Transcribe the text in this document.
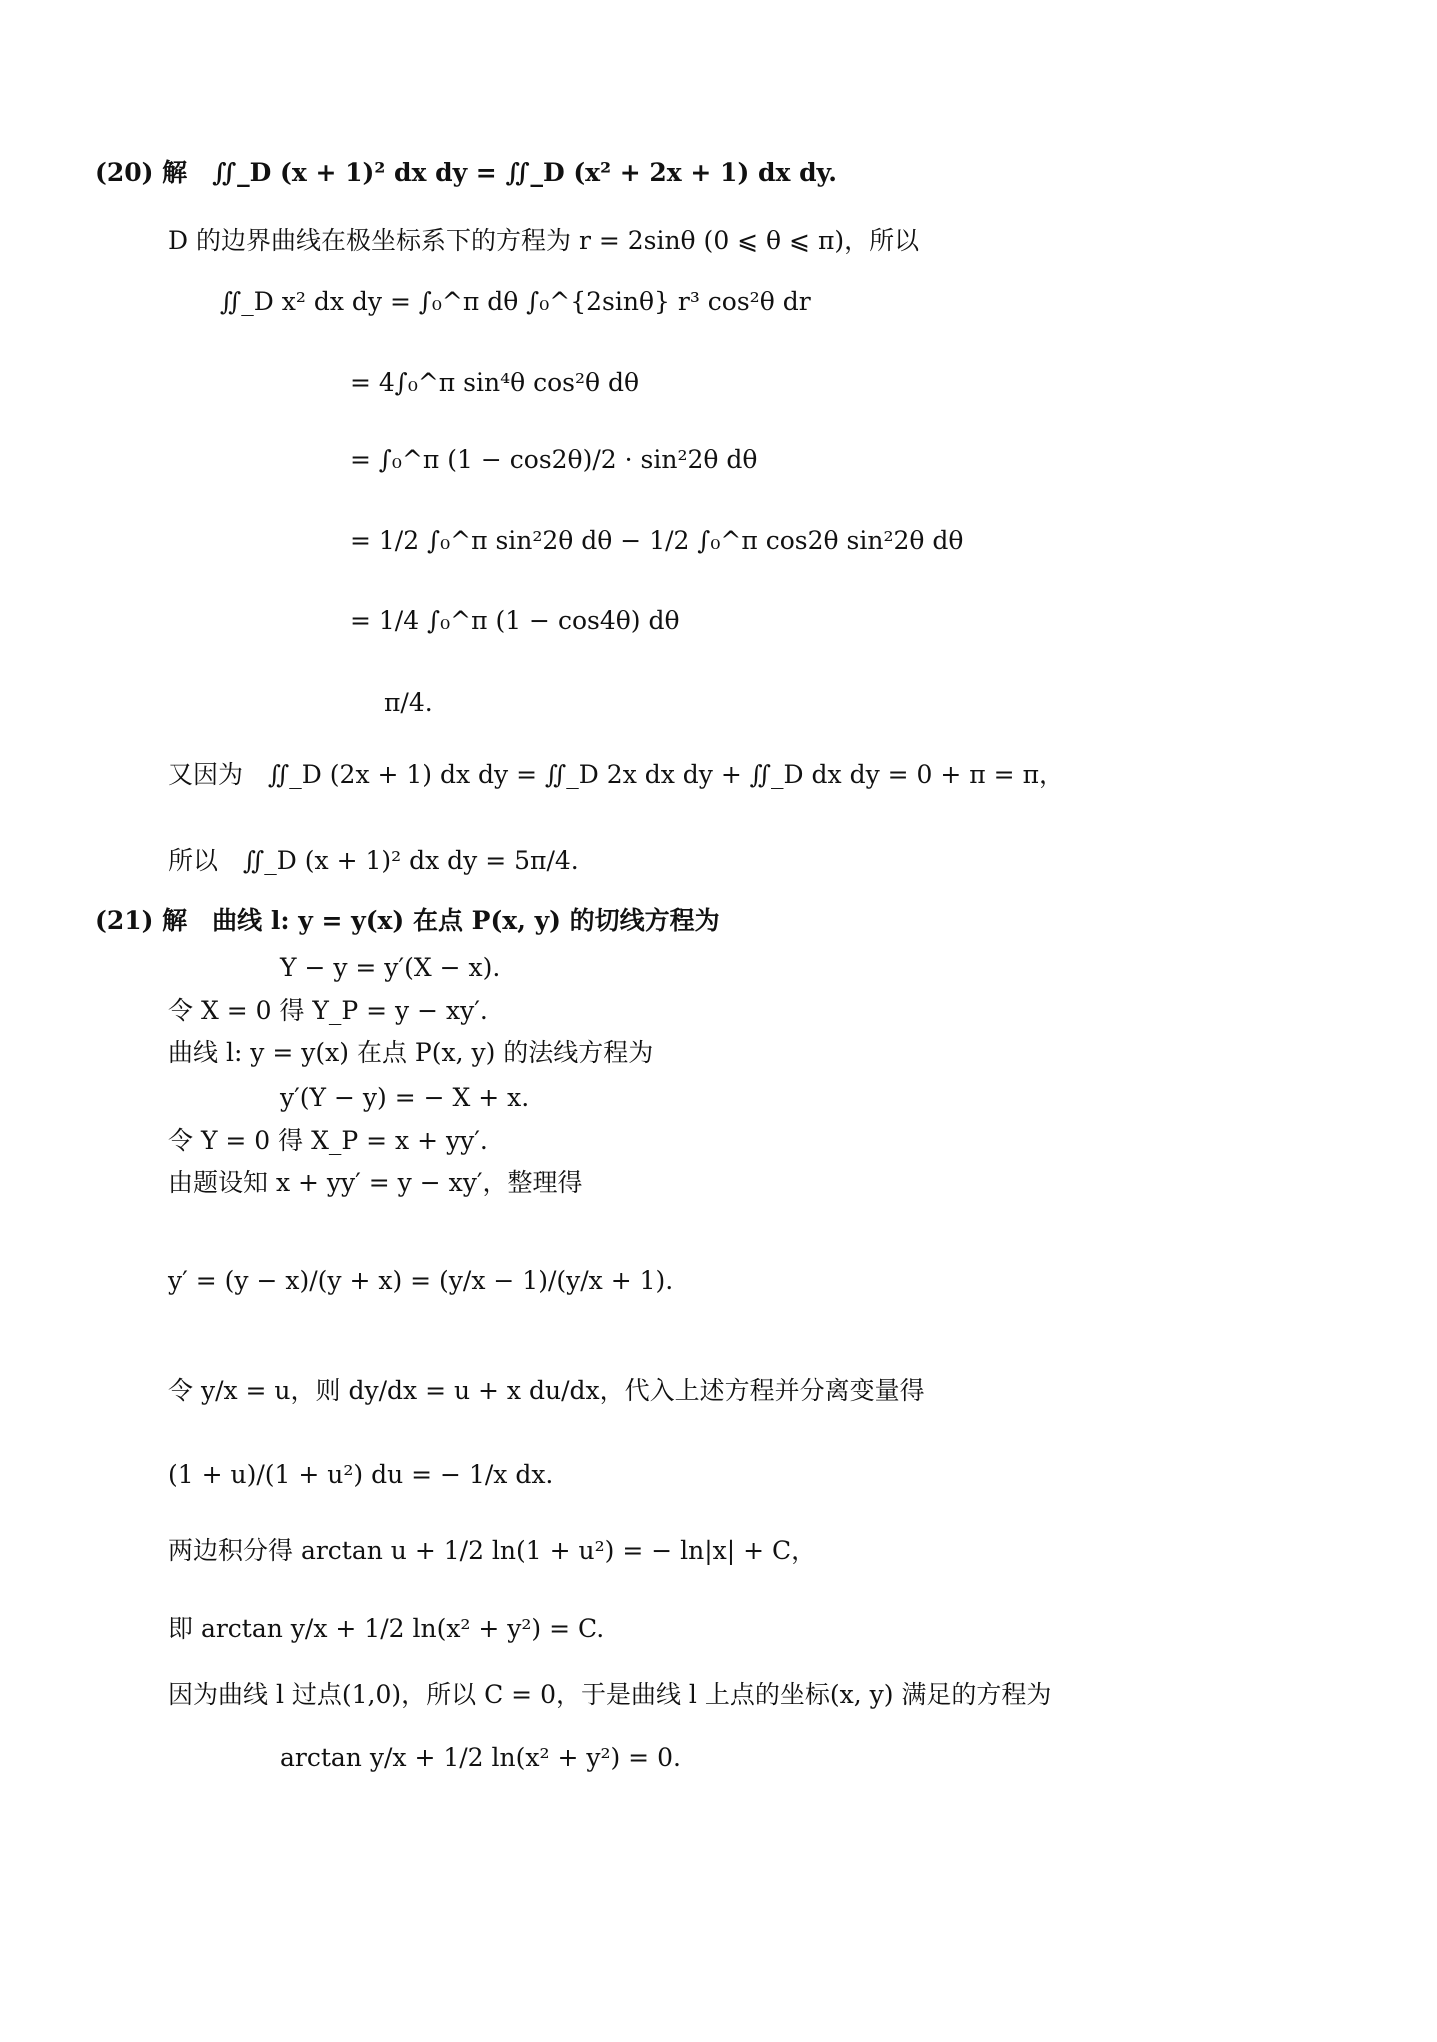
(20) 解　∬_D (x + 1)² dx dy = ∬_D (x² + 2x + 1) dx dy.
D 的边界曲线在极坐标系下的方程为 r = 2sinθ (0 ⩽ θ ⩽ π)，所以
∬_D x² dx dy = ∫₀^π dθ ∫₀^{2sinθ} r³ cos²θ dr
= 4∫₀^π sin⁴θ cos²θ dθ
= ∫₀^π (1 − cos2θ)/2 · sin²2θ dθ
= 1/2 ∫₀^π sin²2θ dθ − 1/2 ∫₀^π cos2θ sin²2θ dθ
= 1/4 ∫₀^π (1 − cos4θ) dθ
π/4.
又因为　∬_D (2x + 1) dx dy = ∬_D 2x dx dy + ∬_D dx dy = 0 + π = π，
所以　∬_D (x + 1)² dx dy = 5π/4.
(21) 解　曲线 l: y = y(x) 在点 P(x, y) 的切线方程为
Y − y = y′(X − x).
令 X = 0 得 Y_P = y − xy′.
曲线 l: y = y(x) 在点 P(x, y) 的法线方程为
y′(Y − y) = − X + x.
令 Y = 0 得 X_P = x + yy′.
由题设知 x + yy′ = y − xy′，整理得
y′ = (y − x)/(y + x) = (y/x − 1)/(y/x + 1).
令 y/x = u，则 dy/dx = u + x du/dx，代入上述方程并分离变量得
(1 + u)/(1 + u²) du = − 1/x dx.
两边积分得 arctan u + 1/2 ln(1 + u²) = − ln|x| + C，
即 arctan y/x + 1/2 ln(x² + y²) = C.
因为曲线 l 过点(1,0)，所以 C = 0，于是曲线 l 上点的坐标(x, y) 满足的方程为
arctan y/x + 1/2 ln(x² + y²) = 0.
